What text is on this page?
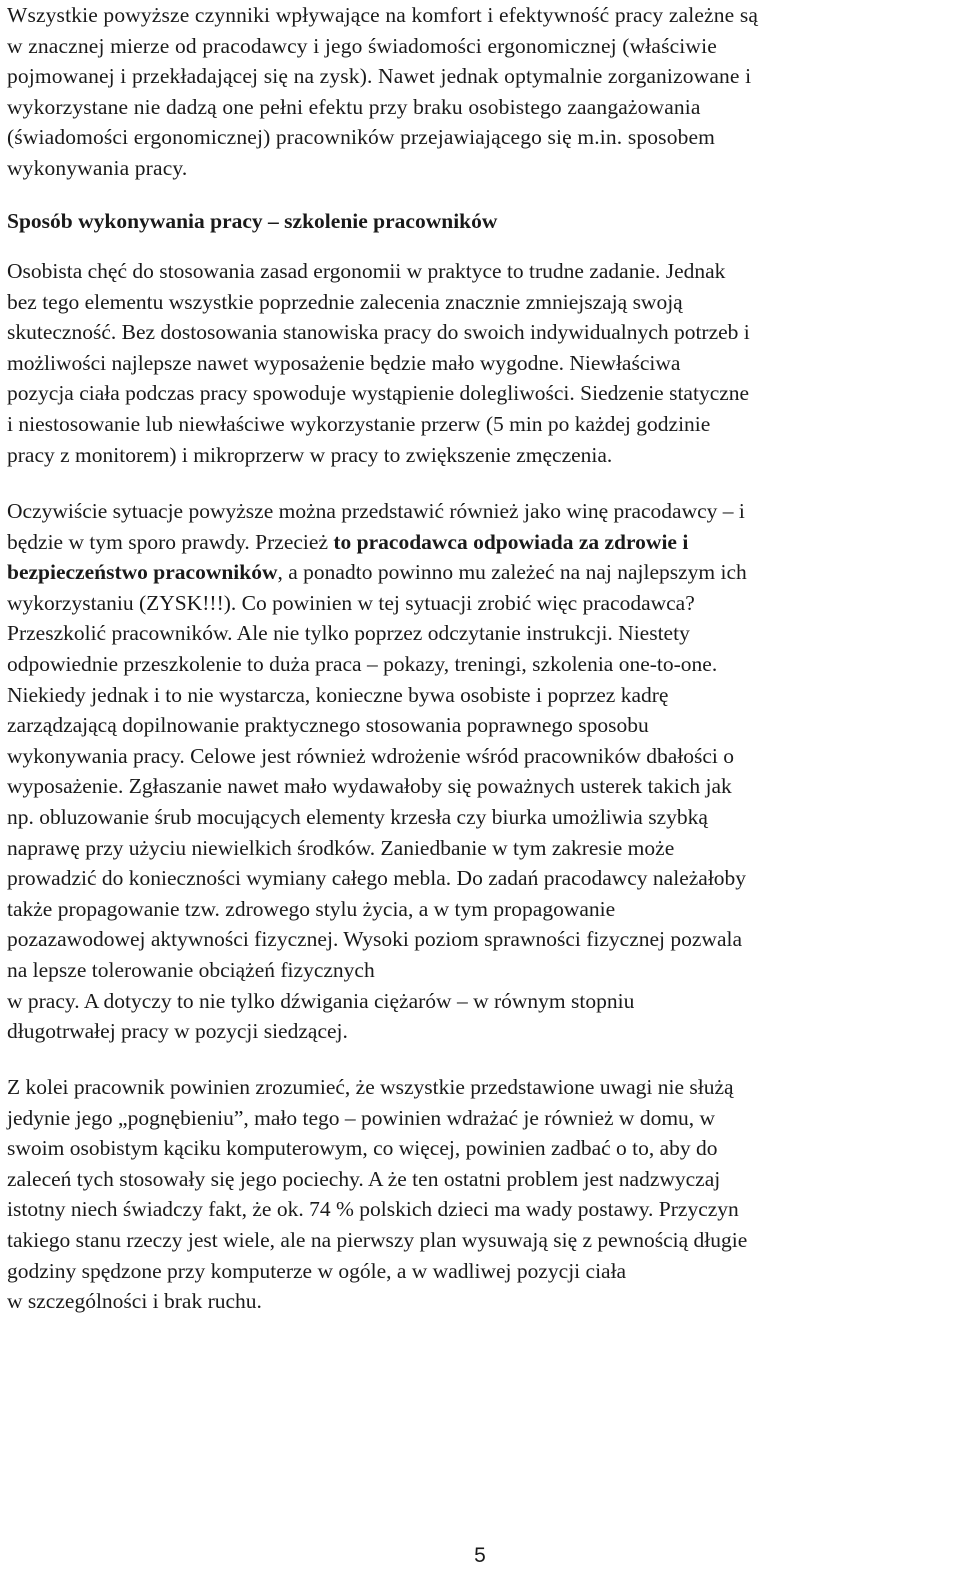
Wszystkie powyższe czynniki wpływające na komfort i efektywność pracy zależne są
w znacznej mierze od pracodawcy i jego świadomości ergonomicznej (właściwie
pojmowanej i przekładającej się na zysk). Nawet jednak optymalnie zorganizowane i
wykorzystane nie dadzą one pełni efektu przy braku osobistego zaangażowania
(świadomości ergonomicznej) pracowników przejawiającego się m.in. sposobem
wykonywania pracy.

Sposób wykonywania pracy – szkolenie pracowników

Osobista chęć do stosowania zasad ergonomii w praktyce to trudne zadanie. Jednak
bez tego elementu wszystkie poprzednie zalecenia znacznie zmniejszają swoją
skuteczność. Bez dostosowania stanowiska pracy do swoich indywidualnych potrzeb i
możliwości najlepsze nawet wyposażenie będzie mało wygodne. Niewłaściwa
pozycja ciała podczas pracy spowoduje wystąpienie dolegliwości. Siedzenie statyczne
i niestosowanie lub niewłaściwe wykorzystanie przerw (5 min po każdej godzinie
pracy z monitorem) i mikroprzerw w pracy to zwiększenie zmęczenia.

Oczywiście sytuacje powyższe można przedstawić również jako winę pracodawcy – i
będzie w tym sporo prawdy. Przecież to pracodawca odpowiada za zdrowie i
bezpieczeństwo pracowników, a ponadto powinno mu zależeć na naj najlepszym ich
wykorzystaniu (ZYSK!!!). Co powinien w tej sytuacji zrobić więc pracodawca?
Przeszkolić pracowników. Ale nie tylko poprzez odczytanie instrukcji. Niestety
odpowiednie przeszkolenie to duża praca – pokazy, treningi, szkolenia one-to-one.
Niekiedy jednak i to nie wystarcza, konieczne bywa osobiste i poprzez kadrę
zarządzającą dopilnowanie praktycznego stosowania poprawnego sposobu
wykonywania pracy. Celowe jest również wdrożenie wśród pracowników dbałości o
wyposażenie. Zgłaszanie nawet mało wydawałoby się poważnych usterek takich jak
np. obluzowanie śrub mocujących elementy krzesła czy biurka umożliwia szybką
naprawę przy użyciu niewielkich środków. Zaniedbanie w tym zakresie może
prowadzić do konieczności wymiany całego mebla. Do zadań pracodawcy należałoby
także propagowanie tzw. zdrowego stylu życia, a w tym propagowanie
pozazawodowej aktywności fizycznej. Wysoki poziom sprawności fizycznej pozwala
na lepsze tolerowanie obciążeń fizycznych
w pracy. A dotyczy to nie tylko dźwigania ciężarów – w równym stopniu
długotrwałej pracy w pozycji siedzącej.

Z kolei pracownik powinien zrozumieć, że wszystkie przedstawione uwagi nie służą
jedynie jego „pognębieniu”, mało tego – powinien wdrażać je również w domu, w
swoim osobistym kąciku komputerowym, co więcej, powinien zadbać o to, aby do
zaleceń tych stosowały się jego pociechy. A że ten ostatni problem jest nadzwyczaj
istotny niech świadczy fakt, że ok. 74 % polskich dzieci ma wady postawy. Przyczyn
takiego stanu rzeczy jest wiele, ale na pierwszy plan wysuwają się z pewnością długie
godziny spędzone przy komputerze w ogóle, a w wadliwej pozycji ciała
w szczególności i brak ruchu.

5
